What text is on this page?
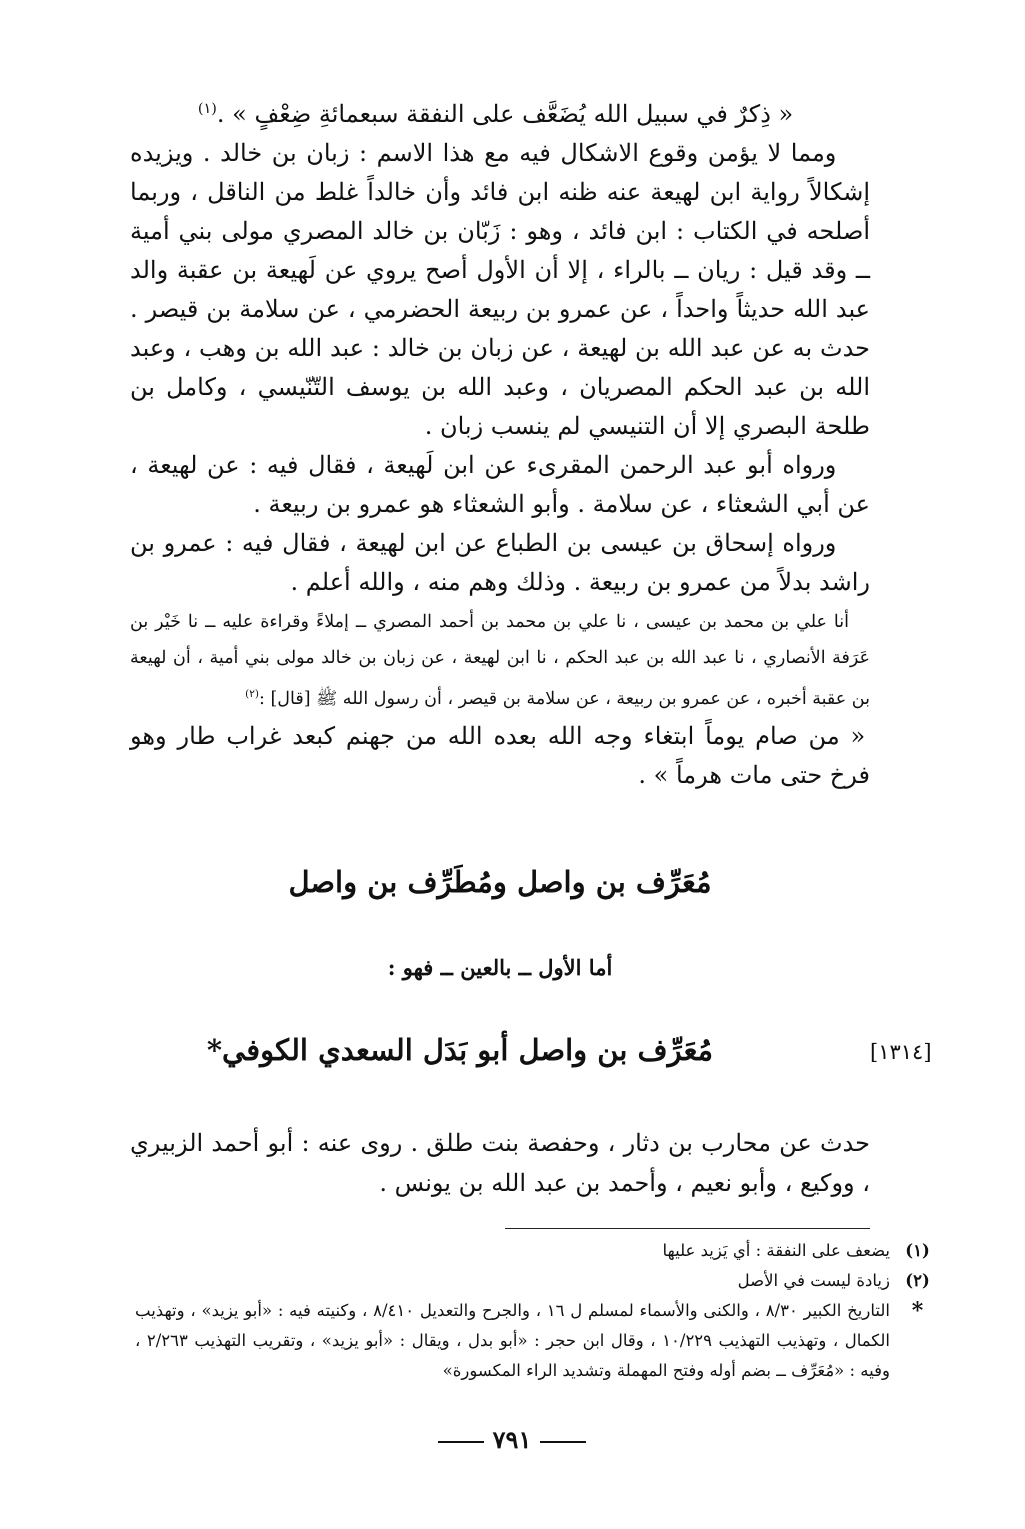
« ذِكرٌ في سبيل الله يُضَعَّف على النفقة سبعمائةِ ضِعْفٍ » .$^{(١)}$

ومما لا يؤمن وقوع الاشكال فيه مع هذا الاسم : زبان بن خالد . ويزيده إشكالاً رواية ابن لهيعة عنه ظنه ابن فائد وأن خالداً غلط من الناقل ، وربما أصلحه في الكتاب : ابن فائد ، وهو : زَبّان بن خالد المصري مولى بني أمية ــ وقد قيل : ريان ــ بالراء ، إلا أن الأول أصح يروي عن لَهيعة بن عقبة والد عبد الله حديثاً واحداً ، عن عمرو بن ربيعة الحضرمي ، عن سلامة بن قيصر . حدث به عن عبد الله بن لهيعة ، عن زبان بن خالد : عبد الله بن وهب ، وعبد الله بن عبد الحكم المصريان ، وعبد الله بن يوسف التّنّيسي ، وكامل بن طلحة البصري إلا أن التنيسي لم ينسب زبان .

ورواه أبو عبد الرحمن المقرىء عن ابن لَهيعة ، فقال فيه : عن لهيعة ، عن أبي الشعثاء ، عن سلامة . وأبو الشعثاء هو عمرو بن ربيعة .

ورواه إسحاق بن عيسى بن الطباع عن ابن لهيعة ، فقال فيه : عمرو بن راشد بدلاً من عمرو بن ربيعة . وذلك وهم منه ، والله أعلم .

أنا علي بن محمد بن عيسى ، نا علي بن محمد بن أحمد المصري ــ إملاءً وقراءة عليه ــ نا خَيْر بن عَرَفة الأنصاري ، نا عبد الله بن عبد الحكم ، نا ابن لهيعة ، عن زبان بن خالد مولى بني أمية ، أن لهيعة بن عقبة أخبره ، عن عمرو بن ربيعة ، عن سلامة بن قيصر ، أن رسول الله ﷺ [قال] :$^{(٢)}$

« من صام يوماً ابتغاء وجه الله بعده الله من جهنم كبعد غراب طار وهو فرخ حتى مات هرماً » .

مُعَرِّف بن واصل ومُطَرِّف بن واصل
أما الأول ــ بالعين ــ فهو :
[١٣١٤]
مُعَرِّف بن واصل أبو بَدَل السعدي الكوفي*
حدث عن محارب بن دثار ، وحفصة بنت طلق . روى عنه : أبو أحمد الزبيري ، ووكيع ، وأبو نعيم ، وأحمد بن عبد الله بن يونس .
(١)
يضعف على النفقة : أي يَزيد عليها
(٢)
زيادة ليست في الأصل
*
التاريخ الكبير ٨/٣٠ ، والكنى والأسماء لمسلم ل ١٦ ، والجرح والتعديل ٨/٤١٠ ، وكنيته فيه : «أبو يزيد» ، وتهذيب الكمال ، وتهذيب التهذيب ١٠/٢٢٩ ، وقال ابن حجر : «أبو بدل ، ويقال : «أبو يزيد» ، وتقريب التهذيب ٢/٢٦٣ ، وفيه : «مُعَرِّف ــ بضم أوله وفتح المهملة وتشديد الراء المكسورة»
٧٩١
